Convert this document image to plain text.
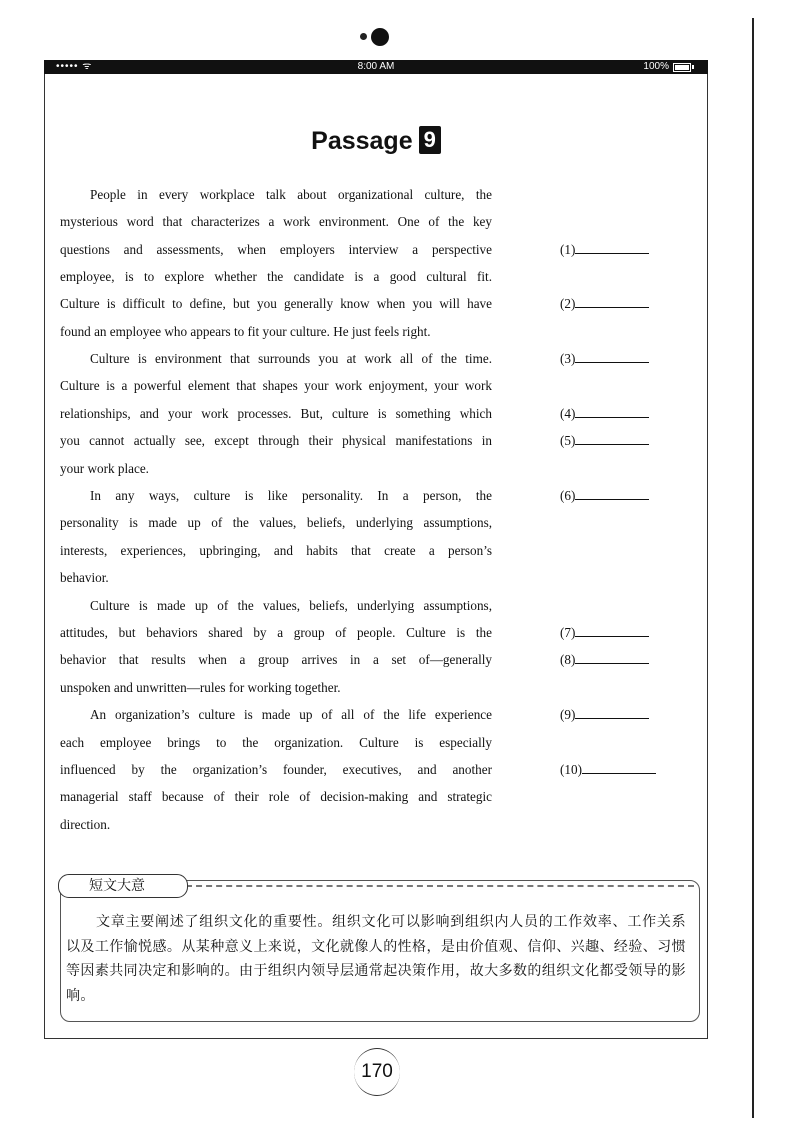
••••• ᯤ	8:00 AM	100%
Passage 9
People in every workplace talk about organizational culture, the
mysterious word that characterizes a work environment. One of the key
questions and assessments, when employers interview a perspective
employee, is to explore whether the candidate is a good cultural fit.
Culture is difficult to define, but you generally know when you will have
found an employee who appears to fit your culture. He just feels right.
Culture is environment that surrounds you at work all of the time.
Culture is a powerful element that shapes your work enjoyment, your work
relationships, and your work processes. But, culture is something which
you cannot actually see, except through their physical manifestations in
your work place.
In any ways, culture is like personality. In a person, the
personality is made up of the values, beliefs, underlying assumptions,
interests, experiences, upbringing, and habits that create a person’s
behavior.
Culture is made up of the values, beliefs, underlying assumptions,
attitudes, but behaviors shared by a group of people. Culture is the
behavior that results when a group arrives in a set of—generally
unspoken and unwritten—rules for working together.
An organization’s culture is made up of all of the life experience
each employee brings to the organization. Culture is especially
influenced by the organization’s founder, executives, and another
managerial staff because of their role of decision-making and strategic
direction.
(1)
(2)
(3)
(4)
(5)
(6)
(7)
(8)
(9)
(10)
短文大意
文章主要阐述了组织文化的重要性。组织文化可以影响到组织内人员的工作效率、工作关系以及工作愉悦感。从某种意义上来说，文化就像人的性格，是由价值观、信仰、兴趣、经验、习惯等因素共同决定和影响的。由于组织内领导层通常起决策作用，故大多数的组织文化都受领导的影响。
170
